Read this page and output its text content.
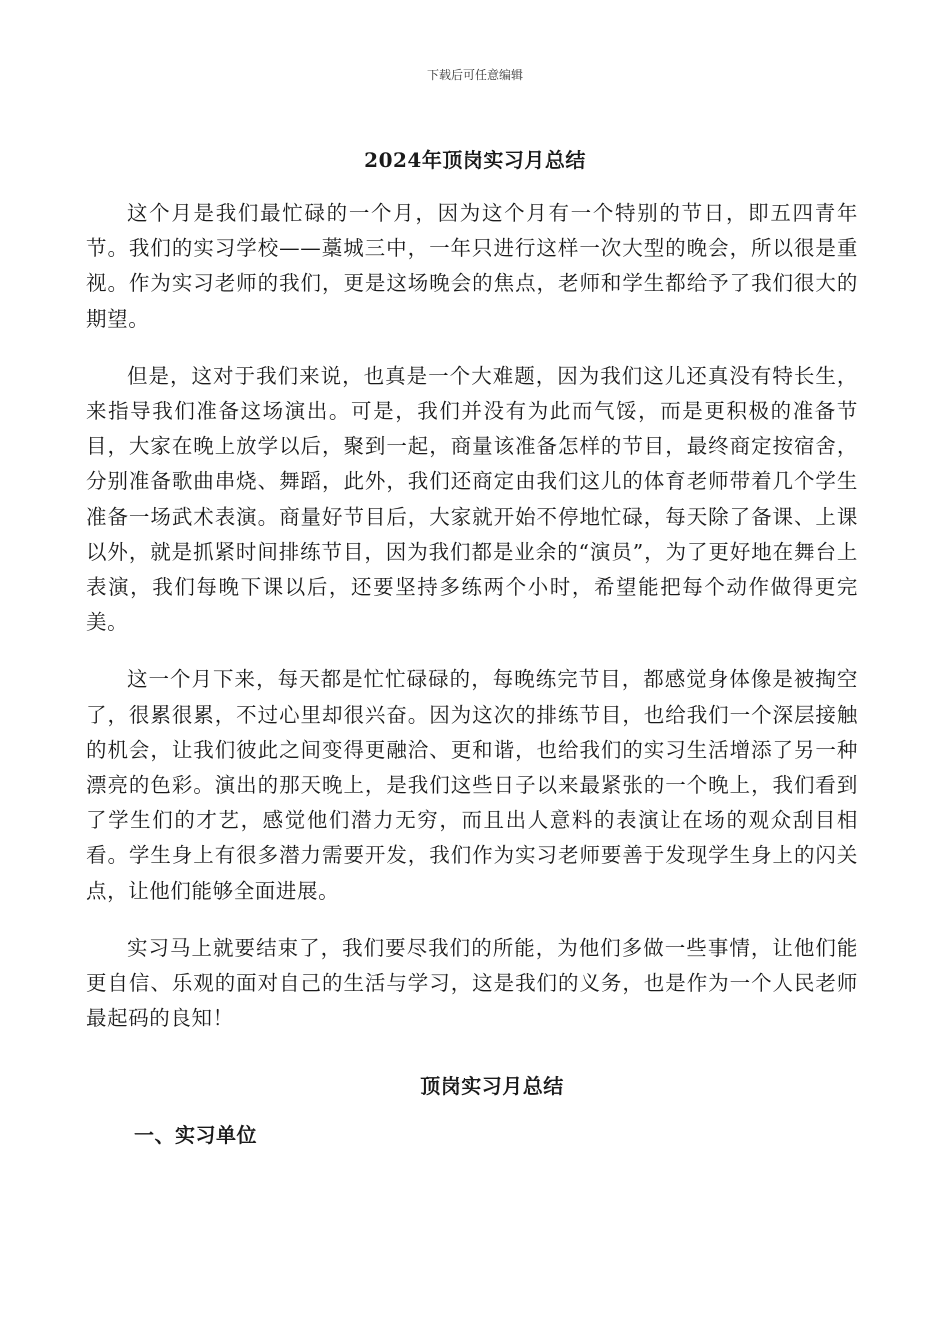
下载后可任意编辑
2024年顶岗实习月总结

这个月是我们最忙碌的一个月，因为这个月有一个特别的节日，即五四青年节。我们的实习学校——藁城三中，一年只进行这样一次大型的晚会，所以很是重视。作为实习老师的我们，更是这场晚会的焦点，老师和学生都给予了我们很大的期望。

但是，这对于我们来说，也真是一个大难题，因为我们这儿还真没有特长生，来指导我们准备这场演出。可是，我们并没有为此而气馁，而是更积极的准备节目，大家在晚上放学以后，聚到一起，商量该准备怎样的节目，最终商定按宿舍，分别准备歌曲串烧、舞蹈，此外，我们还商定由我们这儿的体育老师带着几个学生准备一场武术表演。商量好节目后，大家就开始不停地忙碌，每天除了备课、上课以外，就是抓紧时间排练节目，因为我们都是业余的“演员”，为了更好地在舞台上表演，我们每晚下课以后，还要坚持多练两个小时，希望能把每个动作做得更完美。

这一个月下来，每天都是忙忙碌碌的，每晚练完节目，都感觉身体像是被掏空了，很累很累，不过心里却很兴奋。因为这次的排练节目，也给我们一个深层接触的机会，让我们彼此之间变得更融洽、更和谐，也给我们的实习生活增添了另一种漂亮的色彩。演出的那天晚上，是我们这些日子以来最紧张的一个晚上，我们看到了学生们的才艺，感觉他们潜力无穷，而且出人意料的表演让在场的观众刮目相看。学生身上有很多潜力需要开发，我们作为实习老师要善于发现学生身上的闪关点，让他们能够全面进展。

实习马上就要结束了，我们要尽我们的所能，为他们多做一些事情，让他们能更自信、乐观的面对自己的生活与学习，这是我们的义务，也是作为一个人民老师最起码的良知！

顶岗实习月总结
一、实习单位
